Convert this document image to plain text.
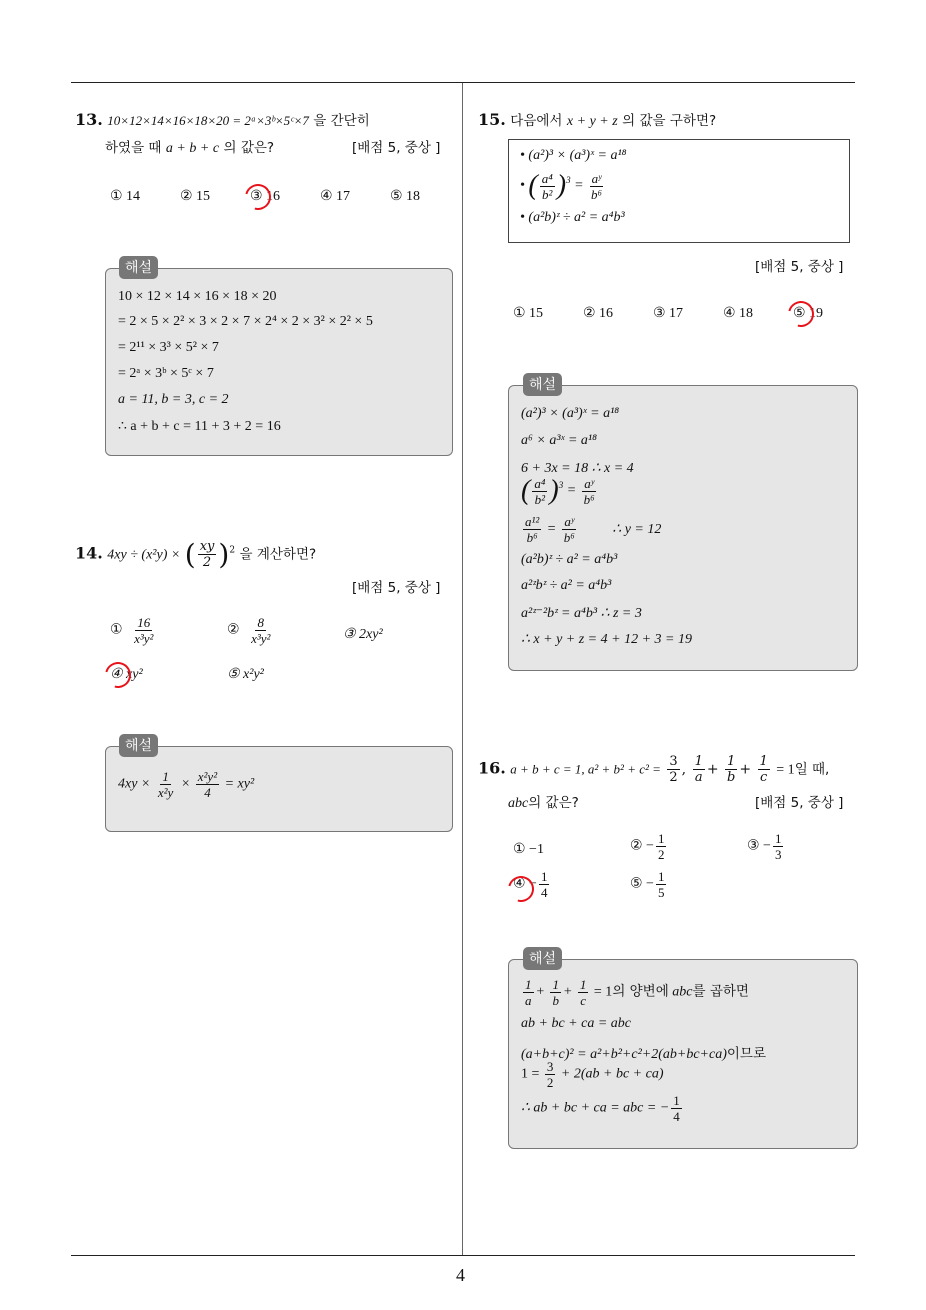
4
13. 10×12×14×16×18×20 = 2ᵃ×3ᵇ×5ᶜ×7 을 간단히
하였을 때 a + b + c 의 값은?	[배점 5, 중상 ]
① 14	② 15	③ 16	④ 17	⑤ 18
해설
10 × 12 × 14 × 16 × 18 × 20
= 2 × 5 × 2² × 3 × 2 × 7 × 2⁴ × 2 × 3² × 2² × 5
= 2¹¹ × 3³ × 5² × 7
= 2ᵃ × 3ᵇ × 5ᶜ × 7
a = 11, b = 3, c = 2
∴ a + b + c = 11 + 3 + 2 = 16
14. 4xy ÷ (x²y) × ( $\frac{xy}{2} )^2$ 을 계산하면?
[배점 5, 중상 ]
① $\frac{16}{\text{x³y²}}$	② $\frac{8}{\text{x³y²}}$	③ 2xy²
④ xy²	⑤ x²y²
해설
$4xy \times \frac{1}{\text{x²y}} \times \frac{\text{x²y²}}{4} = xy^2$
15. 다음에서 x + y + z 의 값을 구하면?
• (a²)³ × (a³)ˣ = a¹⁸
• ( $\frac{\text{a⁴}}{\text{b²}} )^3 = \frac{\text{aʸ}}{\text{b⁶}}$
• (a²b)ᶻ ÷ a² = a⁴b³
[배점 5, 중상 ]
① 15	② 16	③ 17	④ 18	⑤ 19
해설
(a²)³ × (a³)ˣ = a¹⁸
a⁶ × a³ˣ = a¹⁸
6 + 3x = 18 ∴ x = 4
( $\frac{\text{a⁴}}{\text{b²}} )^3 = \frac{\text{aʸ}}{\text{b⁶}}$
$\frac{\text{a¹²}}{\text{b⁶}} = \frac{\text{aʸ}}{\text{b⁶}}$	∴ y = 12
(a²b)ᶻ ÷ a² = a⁴b³
a²ᶻbᶻ ÷ a² = a⁴b³
a²ᶻ⁻²bᶻ = a⁴b³ ∴ z = 3
∴ x + y + z = 4 + 12 + 3 = 19
16. a + b + c = 1, $a^2 + b^2 + c^2 = \frac{3}{2}$ , $\frac{1}{a} + \frac{1}{b} + \frac{1}{c} = 1$일 때,
abc의 값은?	[배점 5, 중상 ]
① −1	② − $\frac{1}{2}$	③ − $\frac{1}{3}$
④ − $\frac{1}{4}$	⑤ − $\frac{1}{5}$
해설
$\frac{1}{a} + \frac{1}{b} + \frac{1}{c} = 1$의 양변에 abc를 곱하면
ab + bc + ca = abc
(a+b+c)² = a²+b²+c²+2(ab+bc+ca)이므로
$1 = \frac{3}{2} + 2(ab$ + bc + ca)
∴ ab + bc + ca = abc = − $\frac{1}{4}$
